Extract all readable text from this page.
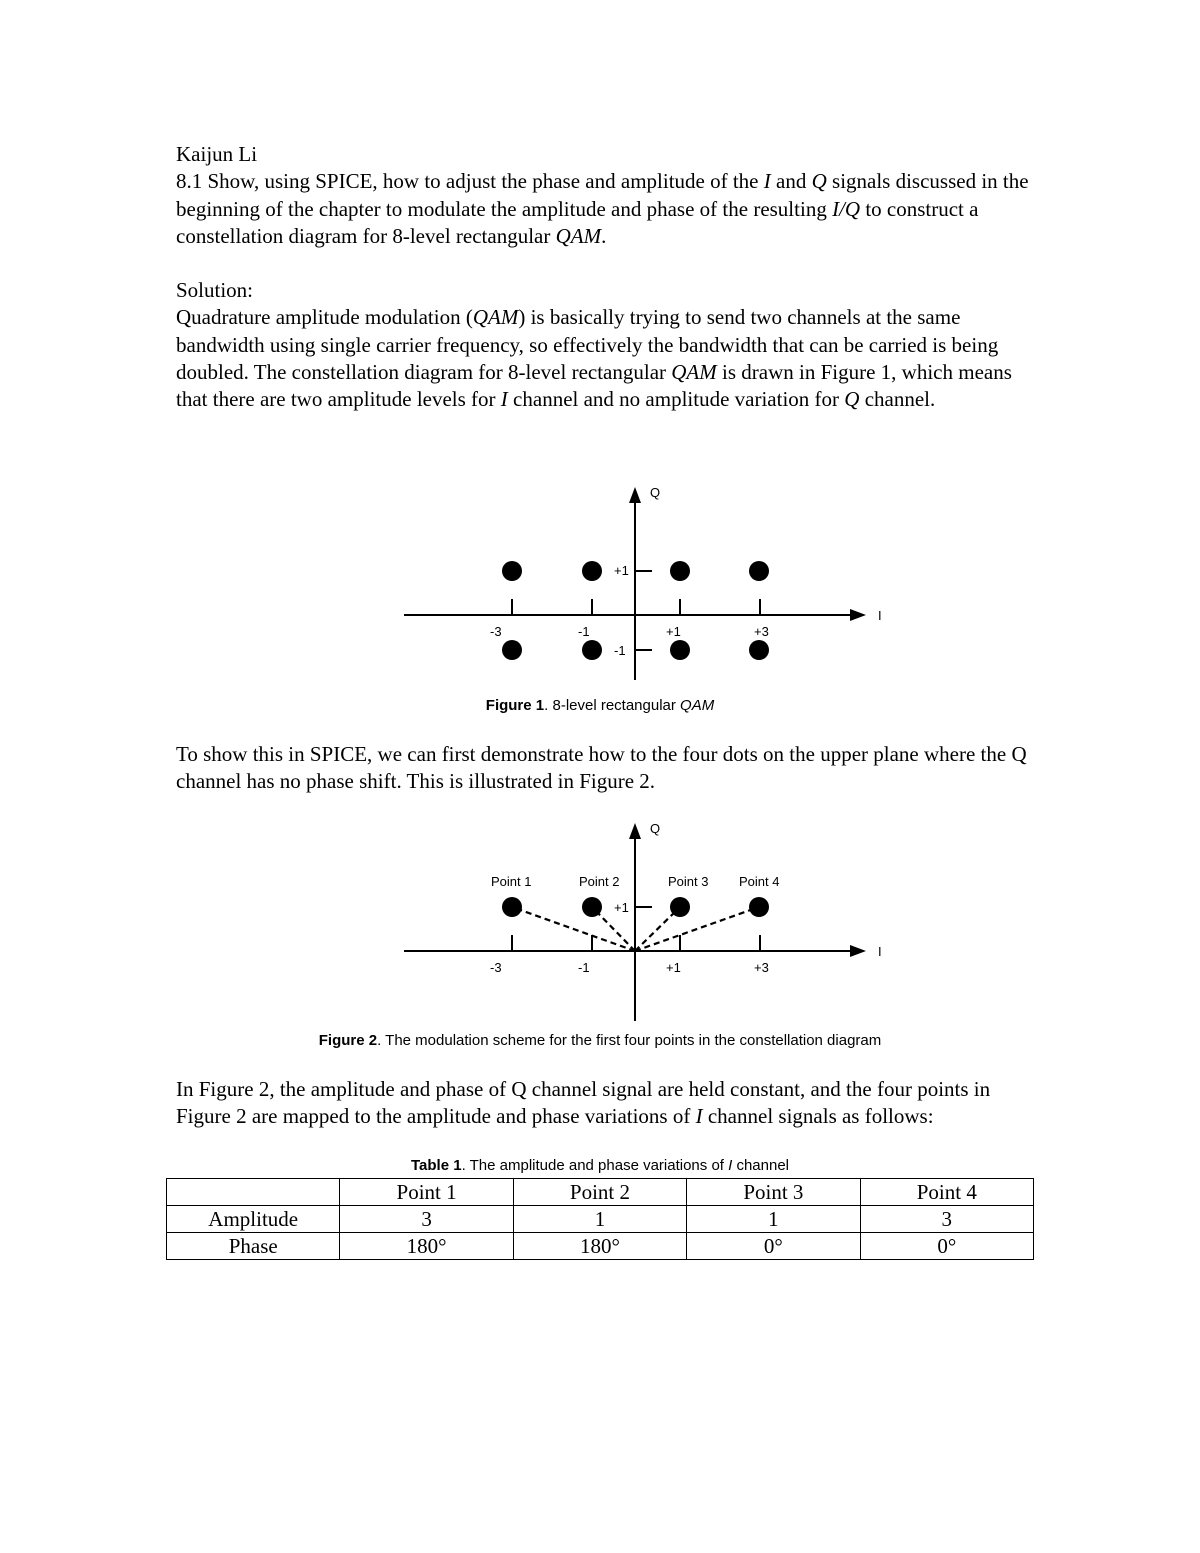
Kaijun Li

8.1 Show, using SPICE, how to adjust the phase and amplitude of the I and Q signals discussed in the beginning of the chapter to modulate the amplitude and phase of the resulting I/Q to construct a constellation diagram for 8-level rectangular QAM.

Solution:

Quadrature amplitude modulation (QAM) is basically trying to send two channels at the same bandwidth using single carrier frequency, so effectively the bandwidth that can be carried is being doubled. The constellation diagram for 8-level rectangular QAM is drawn in Figure 1, which means that there are two amplitude levels for I channel and no amplitude variation for Q channel.

Q
I
+1
-1
-3	-1	+1	+3
Figure 1. 8-level rectangular QAM

To show this in SPICE, we can first demonstrate how to the four dots on the upper plane where the Q channel has no phase shift. This is illustrated in Figure 2.

Q
I
+1
-3	-1	+1	+3
Point 1	Point 2	Point 3 Point 4
Figure 2. The modulation scheme for the first four points in the constellation diagram

In Figure 2, the amplitude and phase of Q channel signal are held constant, and the four points in Figure 2 are mapped to the amplitude and phase variations of I channel signals as follows:

Table 1. The amplitude and phase variations of I channel
	Point 1	Point 2	Point 3	Point 4
Amplitude	3	1	1	3
Phase	180°	180°	0°	0°
